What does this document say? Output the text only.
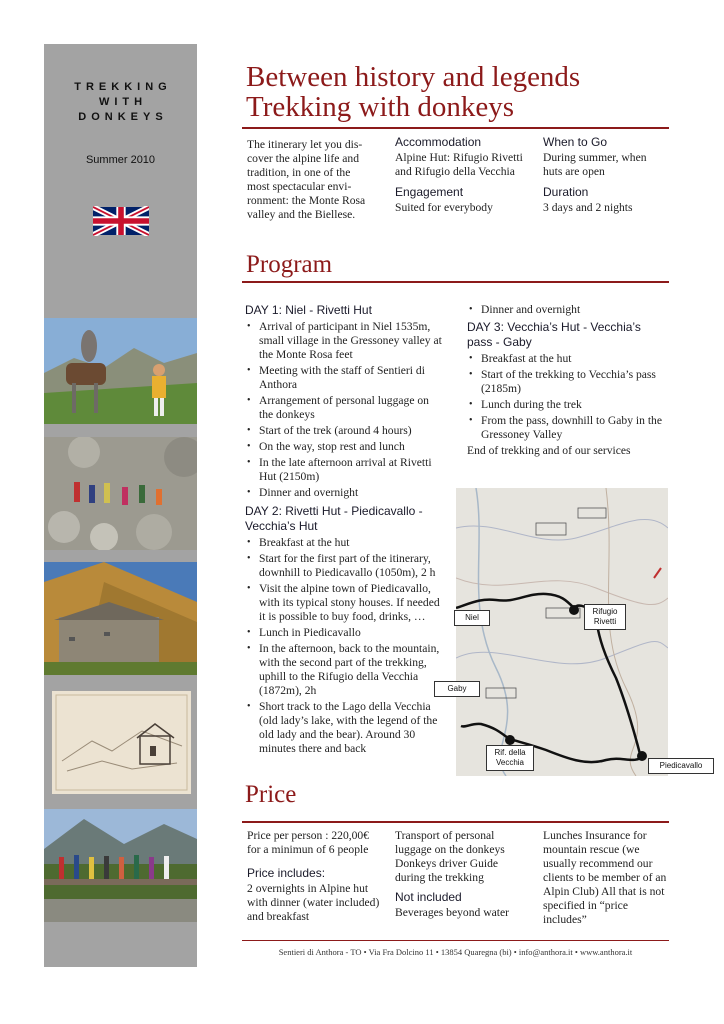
TREKKING
WITH
DONKEYS
Summer 2010
Between history and legends
Trekking with donkeys
The itinerary let you dis-
cover the alpine life and
tradition, in one of the
most spectacular envi-
ronment: the Monte Rosa
valley and the Biellese.
Accommodation
Alpine Hut: Rifugio Rivetti and Rifugio della Vecchia
Engagement
Suited for everybody
When to Go
During summer, when huts are open
Duration
3 days and 2 nights
Program
DAY 1: Niel - Rivetti Hut
• Arrival of participant in Niel 1535m, small village in the Gressoney valley at the Monte Rosa feet
• Meeting with the staff of Sentieri di Anthora
• Arrangement of personal luggage on the donkeys
• Start of the trek (around 4 hours)
• On the way, stop rest and lunch
• In the late afternoon arrival at Rivetti Hut (2150m)
• Dinner and overnight
DAY 2: Rivetti Hut - Piedicavallo - Vecchia’s Hut
• Breakfast at the hut
• Start for the first part of the itinerary, downhill to Piedicavallo (1050m), 2 h
• Visit the alpine town of Piedicavallo, with its typical stony houses. If needed it is possible to buy food, drinks, …
• Lunch in Piedicavallo
• In the afternoon, back to the mountain, with the second part of the trekking, uphill to the Rifugio della Vecchia (1872m), 2h
• Short track to the Lago della Vecchia (old lady’s lake, with the legend of the old lady and the bear). Around 30 minutes there and back
• Dinner and overnight
DAY 3: Vecchia’s Hut - Vecchia’s pass - Gaby
• Breakfast at the hut
• Start of the trekking to Vecchia’s pass (2185m)
• Lunch during the trek
• From the pass, downhill to Gaby in the Gressoney Valley
End of trekking and of our services
Niel
Rifugio Rivetti
Gaby
Rif. della Vecchia	Piedicavallo
Price
Price per person : 220,00€ for a minimun of 6 people
Price includes:
2 overnights in Alpine hut with dinner (water included) and breakfast
Transport of personal luggage on the donkeys Donkeys driver Guide during the trekking
Not included
Beverages beyond water
Lunches Insurance for mountain rescue (we usually recommend our clients to be member of an Alpin Club) All that is not specified in “price includes”
Sentieri di Anthora - TO • Via Fra Dolcino 11 • 13854 Quaregna (bi) • info@anthora.it • www.anthora.it
